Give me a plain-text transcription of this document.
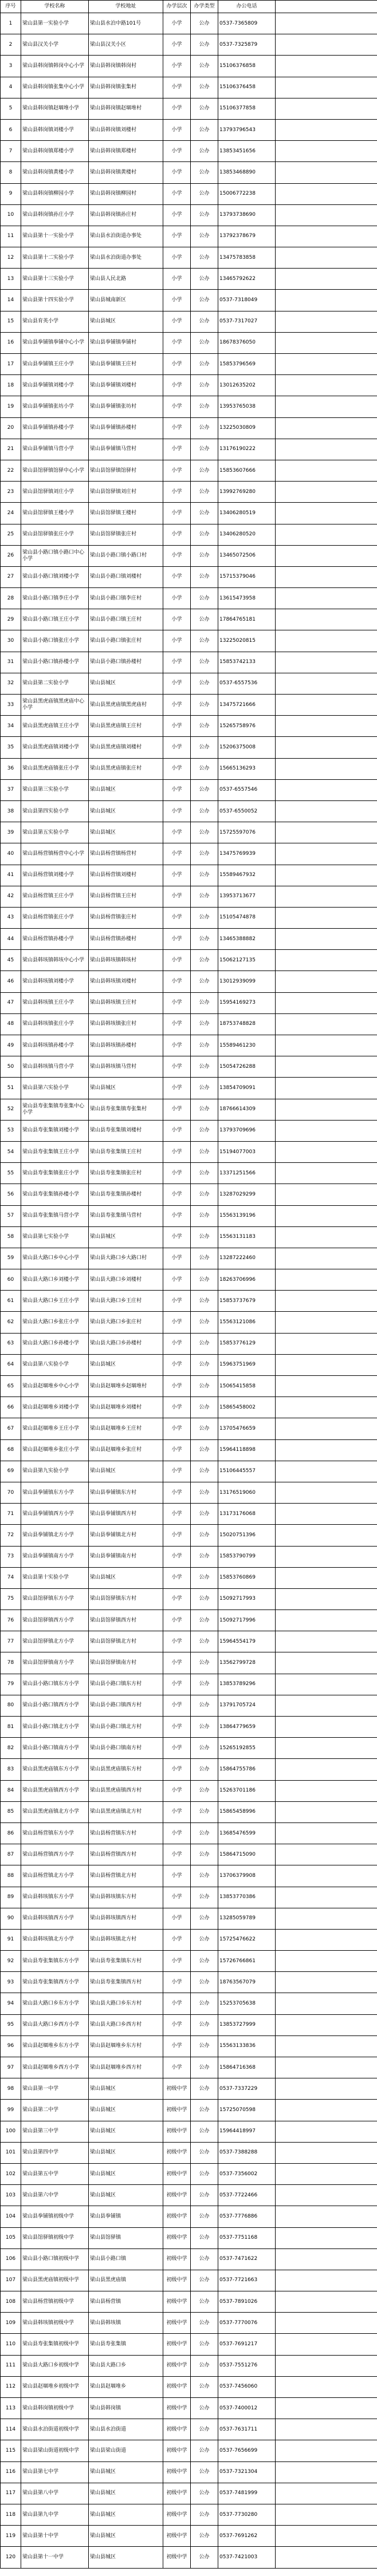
序号	学校名称	学校地址	办学层次	办学类型	办公电话	
1	梁山县第一实验小学	梁山县水泊中路101号	小学	公办	0537-7365809	
2	梁山县汉关小学	梁山县汉关小区	小学	公办	0537-7325879	
3	梁山县韩岗镇韩岗中心小学	梁山县韩岗镇韩岗村	小学	公办	15106376858	
4	梁山县韩岗镇张集中心小学	梁山县韩岗镇张集村	小学	公办	15106376458	
5	梁山县韩岗镇赵堌堆小学	梁山县韩岗镇赵堌堆村	小学	公办	15106377858	
6	梁山县韩岗镇刘楼小学	梁山县韩岗镇刘楼村	小学	公办	13793796543	
7	梁山县韩岗镇郑楼小学	梁山县韩岗镇郑楼村	小学	公办	13853451656	
8	梁山县韩岗镇黄楼小学	梁山县韩岗镇黄楼村	小学	公办	13853468890	
9	梁山县韩岗镇柳园小学	梁山县韩岗镇柳园村	小学	公办	15006772238	
10	梁山县韩岗镇孙庄小学	梁山县韩岗镇孙庄村	小学	公办	13793738690	
11	梁山县第十一实验小学	梁山县水泊街道办事处	小学	公办	13792378679	
12	梁山县第十二实验小学	梁山县水泊街道办事处	小学	公办	13475783858	
13	梁山县第十三实验小学	梁山县人民北路	小学	公办	13465792622	
14	梁山县第十四实验小学	梁山县城南新区	小学	公办	0537-7318049	
15	梁山县育英小学	梁山县城区	小学	公办	0537-7317027	
16	梁山县拳铺镇拳铺中心小学	梁山县拳铺镇拳铺村	小学	公办	18678376050	
17	梁山县拳铺镇王庄小学	梁山县拳铺镇王庄村	小学	公办	15853796569	
18	梁山县拳铺镇刘楼小学	梁山县拳铺镇刘楼村	小学	公办	13012635202	
19	梁山县拳铺镇张坊小学	梁山县拳铺镇张坊村	小学	公办	13953765038	
20	梁山县拳铺镇孙楼小学	梁山县拳铺镇孙楼村	小学	公办	13225030809	
21	梁山县拳铺镇马营小学	梁山县拳铺镇马营村	小学	公办	13176190222	
22	梁山县馆驿镇馆驿中心小学	梁山县馆驿镇馆驿村	小学	公办	15853607666	
23	梁山县馆驿镇刘庄小学	梁山县馆驿镇刘庄村	小学	公办	13992769280	
24	梁山县馆驿镇王楼小学	梁山县馆驿镇王楼村	小学	公办	13406280519	
25	梁山县馆驿镇张庄小学	梁山县馆驿镇张庄村	小学	公办	13406280520	
26	梁山县小路口镇小路口中心小学	梁山县小路口镇小路口村	小学	公办	13465072506	
27	梁山县小路口镇刘楼小学	梁山县小路口镇刘楼村	小学	公办	15715379046	
28	梁山县小路口镇李庄小学	梁山县小路口镇李庄村	小学	公办	13615473958	
29	梁山县小路口镇王庄小学	梁山县小路口镇王庄村	小学	公办	17864765181	
30	梁山县小路口镇张庄小学	梁山县小路口镇张庄村	小学	公办	13225020815	
31	梁山县小路口镇孙楼小学	梁山县小路口镇孙楼村	小学	公办	15853742133	
32	梁山县第二实验小学	梁山县城区	小学	公办	0537-6557536	
33	梁山县黑虎庙镇黑虎庙中心小学	梁山县黑虎庙镇黑虎庙村	小学	公办	13475721666	
34	梁山县黑虎庙镇王庄小学	梁山县黑虎庙镇王庄村	小学	公办	15265758976	
35	梁山县黑虎庙镇刘楼小学	梁山县黑虎庙镇刘楼村	小学	公办	15206375008	
36	梁山县黑虎庙镇张庄小学	梁山县黑虎庙镇张庄村	小学	公办	15665136293	
37	梁山县第三实验小学	梁山县城区	小学	公办	0537-6557546	
38	梁山县第四实验小学	梁山县城区	小学	公办	0537-6550052	
39	梁山县第五实验小学	梁山县城区	小学	公办	15725597076	
40	梁山县杨营镇杨营中心小学	梁山县杨营镇杨营村	小学	公办	13475769939	
41	梁山县杨营镇刘楼小学	梁山县杨营镇刘楼村	小学	公办	15589467932	
42	梁山县杨营镇王庄小学	梁山县杨营镇王庄村	小学	公办	13953713677	
43	梁山县杨营镇张庄小学	梁山县杨营镇张庄村	小学	公办	15105474878	
44	梁山县杨营镇孙楼小学	梁山县杨营镇孙楼村	小学	公办	13465388882	
45	梁山县韩垓镇韩垓中心小学	梁山县韩垓镇韩垓村	小学	公办	15062127135	
46	梁山县韩垓镇刘楼小学	梁山县韩垓镇刘楼村	小学	公办	13012939099	
47	梁山县韩垓镇王庄小学	梁山县韩垓镇王庄村	小学	公办	15954169273	
48	梁山县韩垓镇张庄小学	梁山县韩垓镇张庄村	小学	公办	18753748828	
49	梁山县韩垓镇孙楼小学	梁山县韩垓镇孙楼村	小学	公办	15589461230	
50	梁山县韩垓镇马营小学	梁山县韩垓镇马营村	小学	公办	15054726288	
51	梁山县第六实验小学	梁山县城区	小学	公办	13854709091	
52	梁山县寿张集镇寿张集中心小学	梁山县寿张集镇寿张集村	小学	公办	18766614309	
53	梁山县寿张集镇刘楼小学	梁山县寿张集镇刘楼村	小学	公办	13793709696	
54	梁山县寿张集镇王庄小学	梁山县寿张集镇王庄村	小学	公办	15194077003	
55	梁山县寿张集镇张庄小学	梁山县寿张集镇张庄村	小学	公办	13371251566	
56	梁山县寿张集镇孙楼小学	梁山县寿张集镇孙楼村	小学	公办	13287029299	
57	梁山县寿张集镇马营小学	梁山县寿张集镇马营村	小学	公办	15563139196	
58	梁山县第七实验小学	梁山县城区	小学	公办	15563131183	
59	梁山县大路口乡中心小学	梁山县大路口乡大路口村	小学	公办	13287222460	
60	梁山县大路口乡刘楼小学	梁山县大路口乡刘楼村	小学	公办	18263706996	
61	梁山县大路口乡王庄小学	梁山县大路口乡王庄村	小学	公办	15853737679	
62	梁山县大路口乡张庄小学	梁山县大路口乡张庄村	小学	公办	15563121086	
63	梁山县大路口乡孙楼小学	梁山县大路口乡孙楼村	小学	公办	15853776129	
64	梁山县第八实验小学	梁山县城区	小学	公办	15963751969	
65	梁山县赵堌堆乡中心小学	梁山县赵堌堆乡赵堌堆村	小学	公办	15065415858	
66	梁山县赵堌堆乡刘楼小学	梁山县赵堌堆乡刘楼村	小学	公办	15865458002	
67	梁山县赵堌堆乡王庄小学	梁山县赵堌堆乡王庄村	小学	公办	13705476659	
68	梁山县赵堌堆乡张庄小学	梁山县赵堌堆乡张庄村	小学	公办	15964118898	
69	梁山县第九实验小学	梁山县城区	小学	公办	15106445557	
70	梁山县拳铺镇东方小学	梁山县拳铺镇东方村	小学	公办	13176519060	
71	梁山县拳铺镇西方小学	梁山县拳铺镇西方村	小学	公办	13173176068	
72	梁山县拳铺镇北方小学	梁山县拳铺镇北方村	小学	公办	15020751396	
73	梁山县拳铺镇南方小学	梁山县拳铺镇南方村	小学	公办	15853790799	
74	梁山县第十实验小学	梁山县城区	小学	公办	15853760869	
75	梁山县馆驿镇东方小学	梁山县馆驿镇东方村	小学	公办	15092717993	
76	梁山县馆驿镇西方小学	梁山县馆驿镇西方村	小学	公办	15092717996	
77	梁山县馆驿镇北方小学	梁山县馆驿镇北方村	小学	公办	15964554179	
78	梁山县馆驿镇南方小学	梁山县馆驿镇南方村	小学	公办	13562799728	
79	梁山县小路口镇东方小学	梁山县小路口镇东方村	小学	公办	13853789296	
80	梁山县小路口镇西方小学	梁山县小路口镇西方村	小学	公办	13791705724	
81	梁山县小路口镇北方小学	梁山县小路口镇北方村	小学	公办	13864779659	
82	梁山县小路口镇南方小学	梁山县小路口镇南方村	小学	公办	15265192855	
83	梁山县黑虎庙镇东方小学	梁山县黑虎庙镇东方村	小学	公办	15864755786	
84	梁山县黑虎庙镇西方小学	梁山县黑虎庙镇西方村	小学	公办	15263701186	
85	梁山县黑虎庙镇北方小学	梁山县黑虎庙镇北方村	小学	公办	15865458996	
86	梁山县杨营镇东方小学	梁山县杨营镇东方村	小学	公办	13685476599	
87	梁山县杨营镇西方小学	梁山县杨营镇西方村	小学	公办	15864715090	
88	梁山县杨营镇北方小学	梁山县杨营镇北方村	小学	公办	13706379908	
89	梁山县韩垓镇东方小学	梁山县韩垓镇东方村	小学	公办	13853770386	
90	梁山县韩垓镇西方小学	梁山县韩垓镇西方村	小学	公办	13285059789	
91	梁山县韩垓镇北方小学	梁山县韩垓镇北方村	小学	公办	15725476622	
92	梁山县寿张集镇东方小学	梁山县寿张集镇东方村	小学	公办	15726766861	
93	梁山县寿张集镇西方小学	梁山县寿张集镇西方村	小学	公办	18763567079	
94	梁山县大路口乡东方小学	梁山县大路口乡东方村	小学	公办	15253705638	
95	梁山县大路口乡西方小学	梁山县大路口乡西方村	小学	公办	13853727999	
96	梁山县赵堌堆乡东方小学	梁山县赵堌堆乡东方村	小学	公办	15563133836	
97	梁山县赵堌堆乡西方小学	梁山县赵堌堆乡西方村	小学	公办	15864716368	
98	梁山县第一中学	梁山县城区	初级中学	公办	0537-7337229	
99	梁山县第二中学	梁山县城区	初级中学	公办	15725070598	
100	梁山县第三中学	梁山县城区	初级中学	公办	15964418997	
101	梁山县第四中学	梁山县城区	初级中学	公办	0537-7388288	
102	梁山县第五中学	梁山县城区	初级中学	公办	0537-7356002	
103	梁山县第六中学	梁山县城区	初级中学	公办	0537-7722466	
104	梁山县拳铺镇初级中学	梁山县拳铺镇	初级中学	公办	0537-7776886	
105	梁山县馆驿镇初级中学	梁山县馆驿镇	初级中学	公办	0537-7751168	
106	梁山县小路口镇初级中学	梁山县小路口镇	初级中学	公办	0537-7471622	
107	梁山县黑虎庙镇初级中学	梁山县黑虎庙镇	初级中学	公办	0537-7721663	
108	梁山县杨营镇初级中学	梁山县杨营镇	初级中学	公办	0537-7891026	
109	梁山县韩垓镇初级中学	梁山县韩垓镇	初级中学	公办	0537-7770076	
110	梁山县寿张集镇初级中学	梁山县寿张集镇	初级中学	公办	0537-7691217	
111	梁山县大路口乡初级中学	梁山县大路口乡	初级中学	公办	0537-7551276	
112	梁山县赵堌堆乡初级中学	梁山县赵堌堆乡	初级中学	公办	0537-7456060	
113	梁山县韩岗镇初级中学	梁山县韩岗镇	初级中学	公办	0537-7400012	
114	梁山县水泊街道初级中学	梁山县水泊街道	初级中学	公办	0537-7631711	
115	梁山县梁山街道初级中学	梁山县梁山街道	初级中学	公办	0537-7656699	
116	梁山县第七中学	梁山县城区	初级中学	公办	0537-7321304	
117	梁山县第八中学	梁山县城区	初级中学	公办	0537-7481999	
118	梁山县第九中学	梁山县城区	初级中学	公办	0537-7730280	
119	梁山县第十中学	梁山县城区	初级中学	公办	0537-7691262	
120	梁山县第十一中学	梁山县城区	初级中学	公办	0537-7421003	
